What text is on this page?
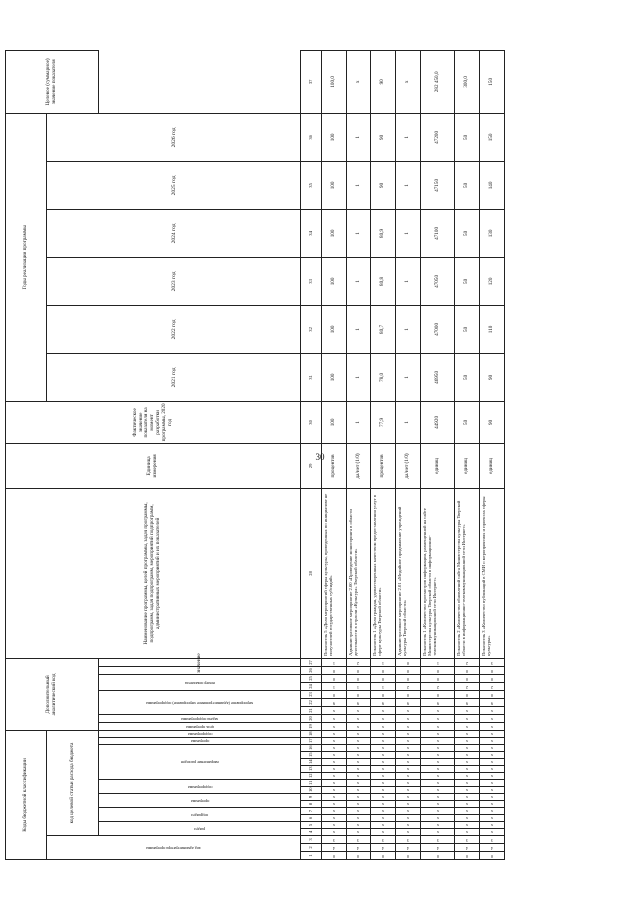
30
Коды бюджетной классификации																		Дополнительный аналитический код									Наименование программы, целей программы, задач программы, подпрограмм, задач подпрограмм, мероприятий подпрограмм, административных мероприятий и их показателей	Единица измерения	Фактическое значение показателя на момент разработки программы, 2020 год	Годы реализации программы						Целевое (суммарное) значение показателя

код администратора программы			код целевой статьи расхода бюджета																											2021 год	2022 год	2023 год	2024 год	2025 год	2026 год	

			раздел		подраздел		программа		подпрограмма		направление расходов					программа	подпрограмма	цель программы	задача подпрограммы	мероприятие (административное мероприятие) подпрограммы			номер показателя		значение											
1	2	3	4	5	6	7	8	9	10	11	12	13	14	15	16	17	18	19	20	21	22	23	24	25	26	27	28	29	30	31	32	33	34	35	36	37

0	4	3	x	x	x	x	x	x	x	x	x	x	x	x	x	x	x	x	x	x	9	0	1	0	0	1	Показатель 5 «Доля мероприятий сферы культуры, проведенных по инициативе не получателей государственных субсидий»	процентов	100	100	100	100	100	100	100	100,0

0	4	3	x	x	x	x	x	x	x	x	x	x	x	x	x	x	x	x	x	x	9	0	1	0	0	2	Административное мероприятие 2.00 «Проведение мониторинга в области деятельности в отрасли «Культура» Тверской области»	да/нет (1/0)	1	1	1	1	1	1	1	x

0	4	3	x	x	x	x	x	x	x	x	x	x	x	x	x	x	x	x	x	x	9	0	1	0	0	1	Показатель 1 «Доля граждан, удовлетворенных качеством предоставления услуг в сфере культуры Тверской области»	процентов	77,9	78,0	80,7	80,8	80,9	90	90	90

0	4	3	x	x	x	x	x	x	x	x	x	x	x	x	x	x	x	x	x	x	9	0	2	0	0	0	Административное мероприятие 2.01 «Медийное продвижение учреждений культуры Тверской области»	да/нет (1/0)	1	1	1	1	1	1	1	x

0	4	3	x	x	x	x	x	x	x	x	x	x	x	x	x	x	x	x	x	x	9	0	2	0	0	1	Показатель 1 «Количество просмотров информации, размещенной на сайте Министерства культуры Тверской области в информационно-телекоммуникационной сети Интернет»	единиц	44920	46950	47000	47050	47100	47150	47200	282 450,0

0	4	3	x	x	x	x	x	x	x	x	x	x	x	x	x	x	x	x	x	x	9	0	2	0	0	2	Показатель 2 «Количество обновлений сайта Министерства культуры Тверской области в информационно-телекоммуникационной сети Интернет»	единиц	50	50	50	50	50	50	50	300,0

0	4	3	x	x	x	x	x	x	x	x	x	x	x	x	x	x	x	x	x	x	9	0	2	0	0	3	Показатель 3 «Количество публикаций в СМИ о мероприятиях и проектах сферы культуры»	единиц	90	90	110	120	130	140	150	150
